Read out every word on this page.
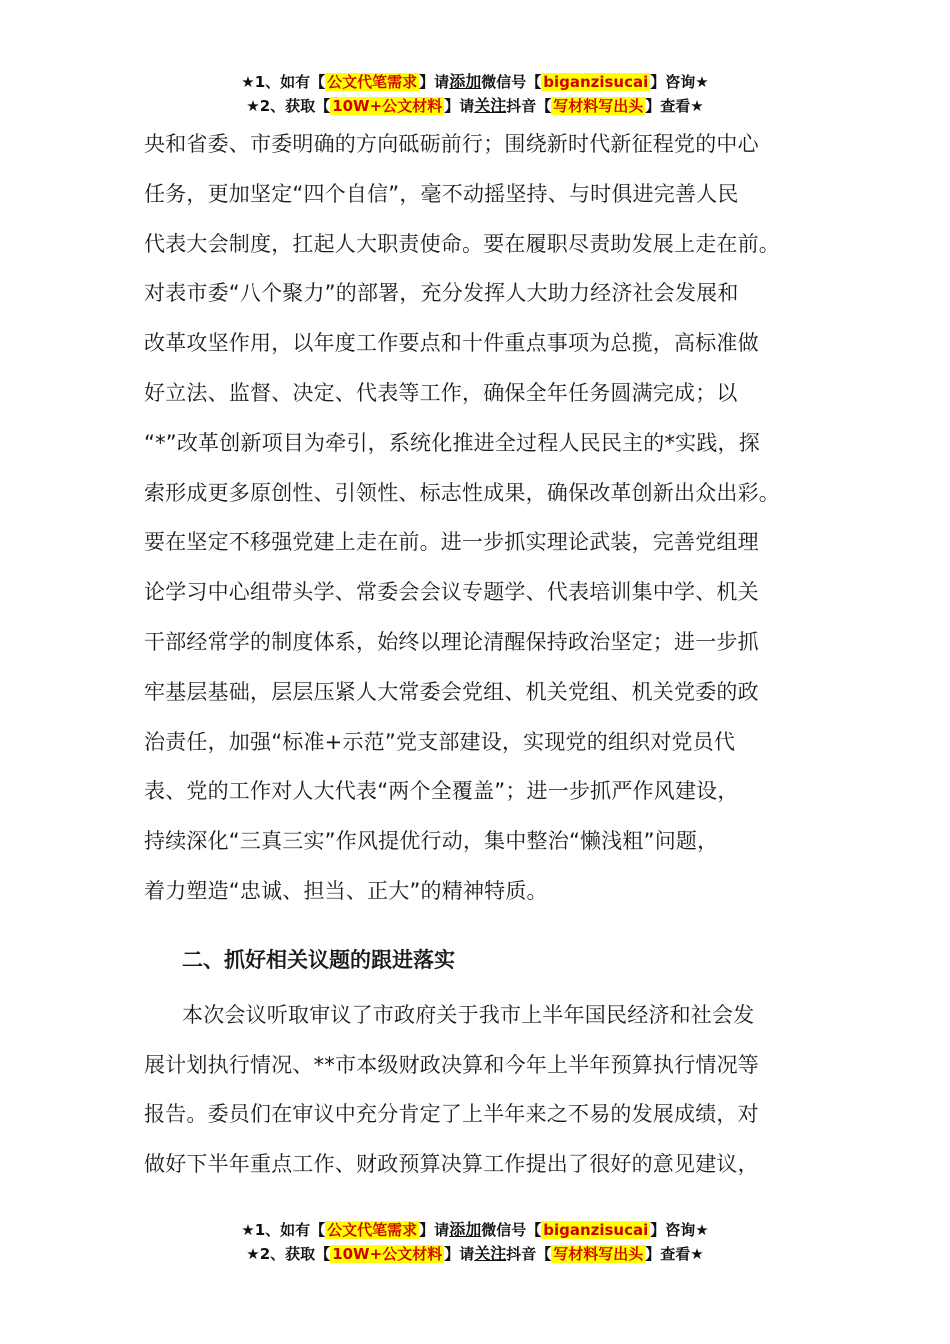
★1、如有【 公文代笔需求 】请添加微信号【 biganzisucai 】咨询★
★2、获取【 10W+公文材料 】请关注抖音【 写材料写出头 】查看★
央和省委、市委明确的方向砥砺前行；围绕新时代新征程党的中心
任务，更加坚定“四个自信”，毫不动摇坚持、与时俱进完善人民
代表大会制度，扛起人大职责使命。要在履职尽责助发展上走在前。
对表市委“八个聚力”的部署，充分发挥人大助力经济社会发展和
改革攻坚作用，以年度工作要点和十件重点事项为总揽，高标准做
好立法、监督、决定、代表等工作，确保全年任务圆满完成；以
“*”改革创新项目为牵引，系统化推进全过程人民民主的*实践，探
索形成更多原创性、引领性、标志性成果，确保改革创新出众出彩。
要在坚定不移强党建上走在前。进一步抓实理论武装，完善党组理
论学习中心组带头学、常委会会议专题学、代表培训集中学、机关
干部经常学的制度体系，始终以理论清醒保持政治坚定；进一步抓
牢基层基础，层层压紧人大常委会党组、机关党组、机关党委的政
治责任，加强“标准+示范”党支部建设，实现党的组织对党员代
表、党的工作对人大代表“两个全覆盖”；进一步抓严作风建设，
持续深化“三真三实”作风提优行动，集中整治“懒浅粗”问题，
着力塑造“忠诚、担当、正大”的精神特质。
二、抓好相关议题的跟进落实
本次会议听取审议了市政府关于我市上半年国民经济和社会发
展计划执行情况、**市本级财政决算和今年上半年预算执行情况等
报告。委员们在审议中充分肯定了上半年来之不易的发展成绩，对
做好下半年重点工作、财政预算决算工作提出了很好的意见建议，
★1、如有【 公文代笔需求 】请添加微信号【 biganzisucai 】咨询★
★2、获取【 10W+公文材料 】请关注抖音【 写材料写出头 】查看★
